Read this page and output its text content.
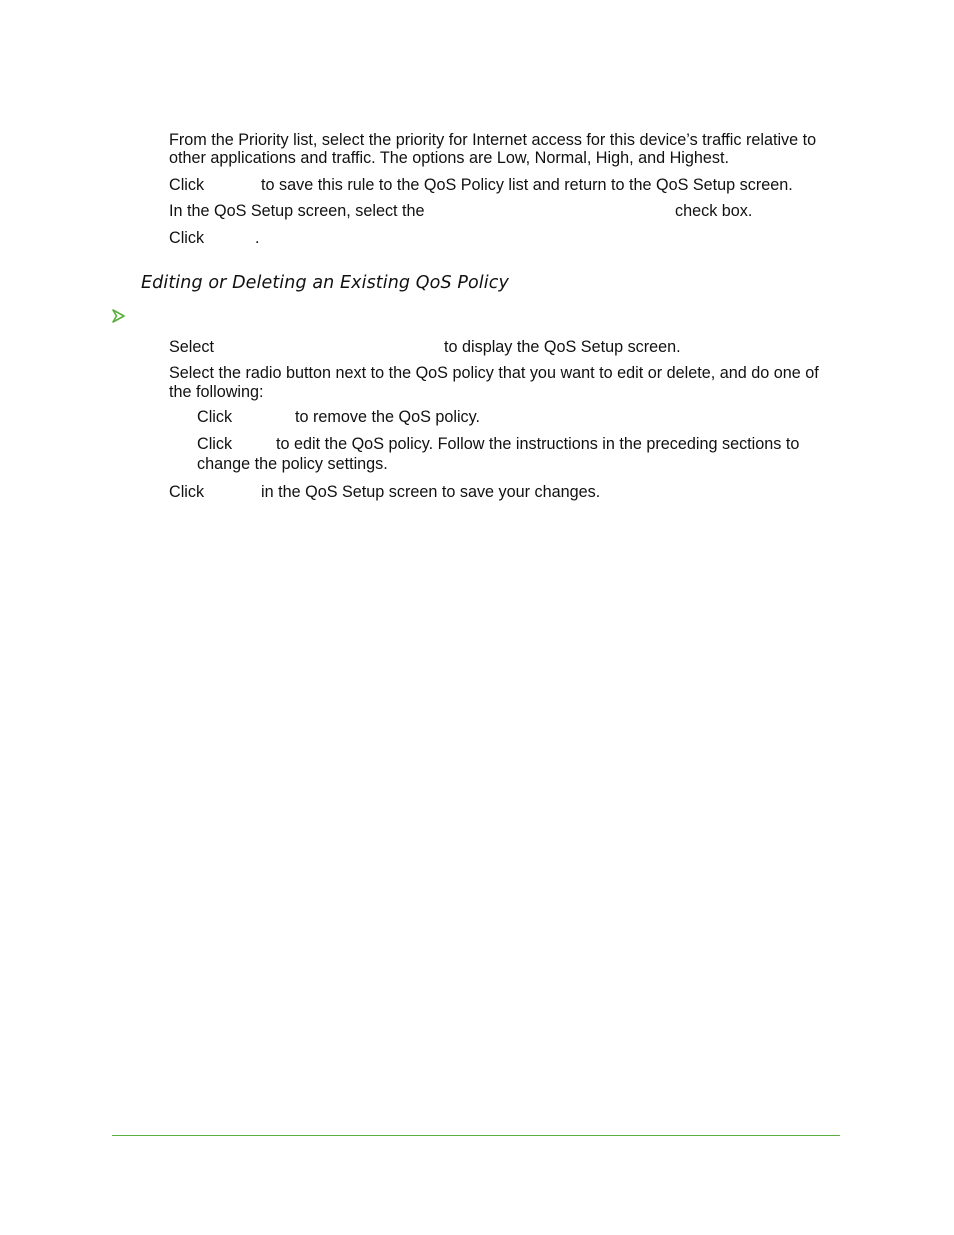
From the Priority list, select the priority for Internet access for this device’s traffic relative to

other applications and traffic. The options are Low, Normal, High, and Highest.

Click	to save this rule to the QoS Policy list and return to the QoS Setup screen.
In the QoS Setup screen, select the	check box.
Click	.
Editing or Deleting an Existing QoS Policy
Select	to display the QoS Setup screen.

Select the radio button next to the QoS policy that you want to edit or delete, and do one of

the following:

Click	to remove the QoS policy.
Click	to edit the QoS policy. Follow the instructions in the preceding sections to

change the policy settings.

Click	in the QoS Setup screen to save your changes.
